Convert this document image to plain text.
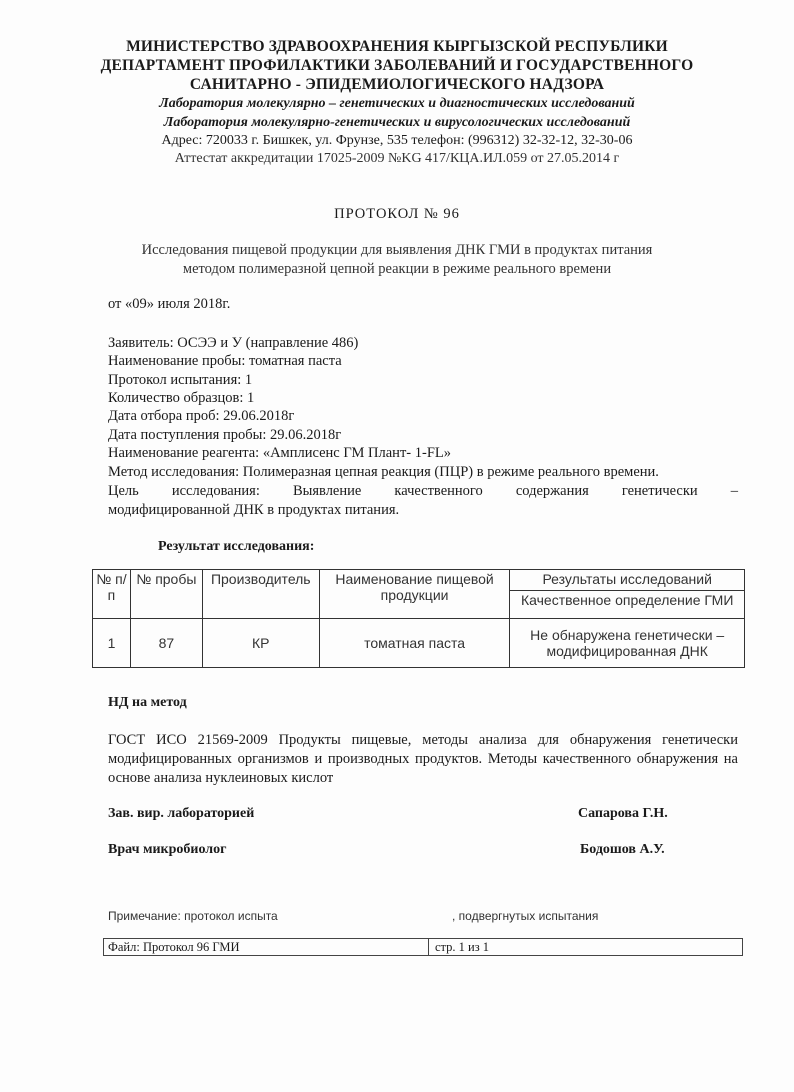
МИНИСТЕРСТВО ЗДРАВООХРАНЕНИЯ КЫРГЫЗСКОЙ РЕСПУБЛИКИ
ДЕПАРТАМЕНТ ПРОФИЛАКТИКИ ЗАБОЛЕВАНИЙ И ГОСУДАРСТВЕННОГО
САНИТАРНО - ЭПИДЕМИОЛОГИЧЕСКОГО НАДЗОРА
Лаборатория молекулярно – генетических и диагностических исследований
Лаборатория молекулярно-генетических и вирусологических исследований
Адрес: 720033 г. Бишкек, ул. Фрунзе, 535 телефон: (996312) 32-32-12, 32-30-06
Аттестат аккредитации 17025-2009 №KG 417/КЦА.ИЛ.059 от 27.05.2014 г
ПРОТОКОЛ № 96
Исследования пищевой продукции для выявления ДНК ГМИ в продуктах питания
методом полимеразной цепной реакции в режиме реального времени
от «09» июля 2018г.
Заявитель: ОСЭЭ и У (направление 486)
Наименование пробы: томатная паста
Протокол испытания: 1
Количество образцов: 1
Дата отбора проб: 29.06.2018г
Дата поступления пробы: 29.06.2018г
Наименование реагента: «Амплисенс ГМ Плант- 1-FL»
Метод исследования: Полимеразная цепная реакция (ПЦР) в режиме реального времени.
Цель исследования: Выявление качественного содержания генетически –
модифицированной ДНК в продуктах питания.
Результат исследования:
№ п/п	№ пробы	Производитель	Наименование пищевой продукции	Результаты исследований
				Качественное определение ГМИ
1	87	КР	томатная паста	Не обнаружена генетически – модифицированная ДНК
НД на метод
ГОСТ ИСО 21569-2009 Продукты пищевые, методы анализа для обнаружения генетически модифицированных организмов и производных продуктов. Методы качественного обнаружения на основе анализа нуклеиновых кислот
Зав. вир. лабораторией	Сапарова Г.Н.
Врач микробиолог	Бодошов А.У.
Примечание: протокол испыта	, подвергнутых испытания
Файл: Протокол 96 ГМИ	стр. 1 из 1
